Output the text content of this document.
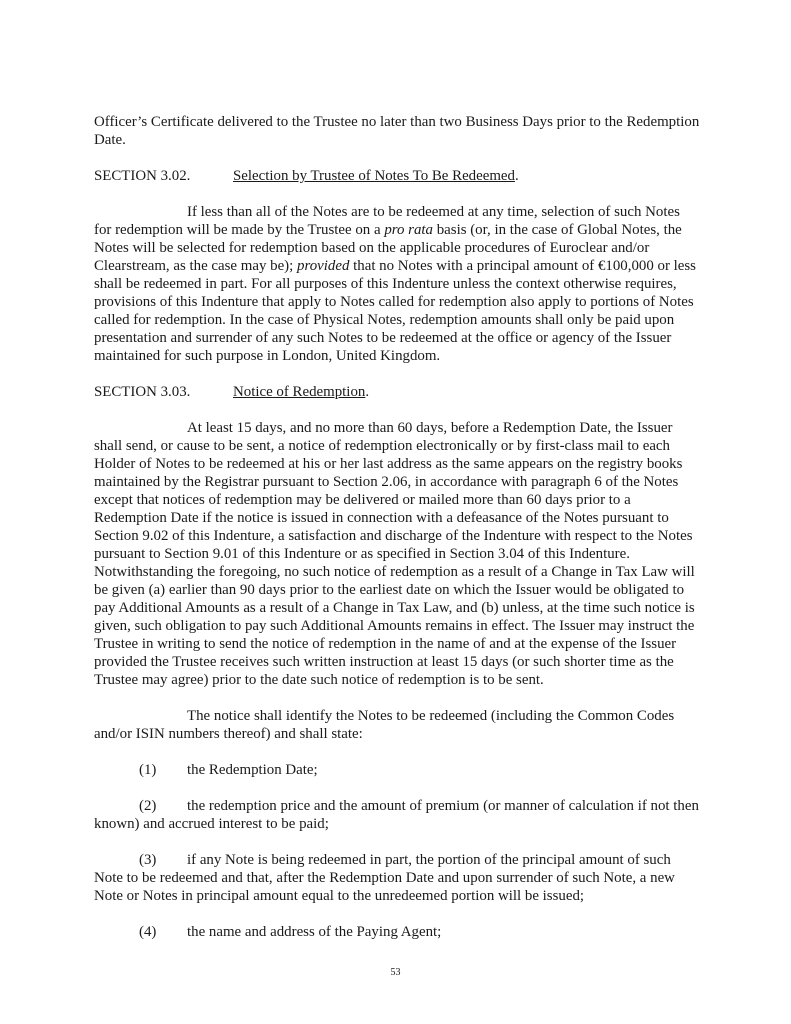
Officer’s Certificate delivered to the Trustee no later than two Business Days prior to the Redemption Date.

SECTION 3.02.	Selection by Trustee of Notes To Be Redeemed.

If less than all of the Notes are to be redeemed at any time, selection of such Notes for redemption will be made by the Trustee on a pro rata basis (or, in the case of Global Notes, the Notes will be selected for redemption based on the applicable procedures of Euroclear and/or Clearstream, as the case may be); provided that no Notes with a principal amount of €100,000 or less shall be redeemed in part. For all purposes of this Indenture unless the context otherwise requires, provisions of this Indenture that apply to Notes called for redemption also apply to portions of Notes called for redemption. In the case of Physical Notes, redemption amounts shall only be paid upon presentation and surrender of any such Notes to be redeemed at the office or agency of the Issuer maintained for such purpose in London, United Kingdom.

SECTION 3.03.	Notice of Redemption.

At least 15 days, and no more than 60 days, before a Redemption Date, the Issuer shall send, or cause to be sent, a notice of redemption electronically or by first-class mail to each Holder of Notes to be redeemed at his or her last address as the same appears on the registry books maintained by the Registrar pursuant to Section 2.06, in accordance with paragraph 6 of the Notes except that notices of redemption may be delivered or mailed more than 60 days prior to a Redemption Date if the notice is issued in connection with a defeasance of the Notes pursuant to Section 9.02 of this Indenture, a satisfaction and discharge of the Indenture with respect to the Notes pursuant to Section 9.01 of this Indenture or as specified in Section 3.04 of this Indenture. Notwithstanding the foregoing, no such notice of redemption as a result of a Change in Tax Law will be given (a) earlier than 90 days prior to the earliest date on which the Issuer would be obligated to pay Additional Amounts as a result of a Change in Tax Law, and (b) unless, at the time such notice is given, such obligation to pay such Additional Amounts remains in effect. The Issuer may instruct the Trustee in writing to send the notice of redemption in the name of and at the expense of the Issuer provided the Trustee receives such written instruction at least 15 days (or such shorter time as the Trustee may agree) prior to the date such notice of redemption is to be sent.

The notice shall identify the Notes to be redeemed (including the Common Codes and/or ISIN numbers thereof) and shall state:

(1) the Redemption Date;

(2) the redemption price and the amount of premium (or manner of calculation if not then known) and accrued interest to be paid;

(3) if any Note is being redeemed in part, the portion of the principal amount of such Note to be redeemed and that, after the Redemption Date and upon surrender of such Note, a new Note or Notes in principal amount equal to the unredeemed portion will be issued;

(4) the name and address of the Paying Agent;

53
